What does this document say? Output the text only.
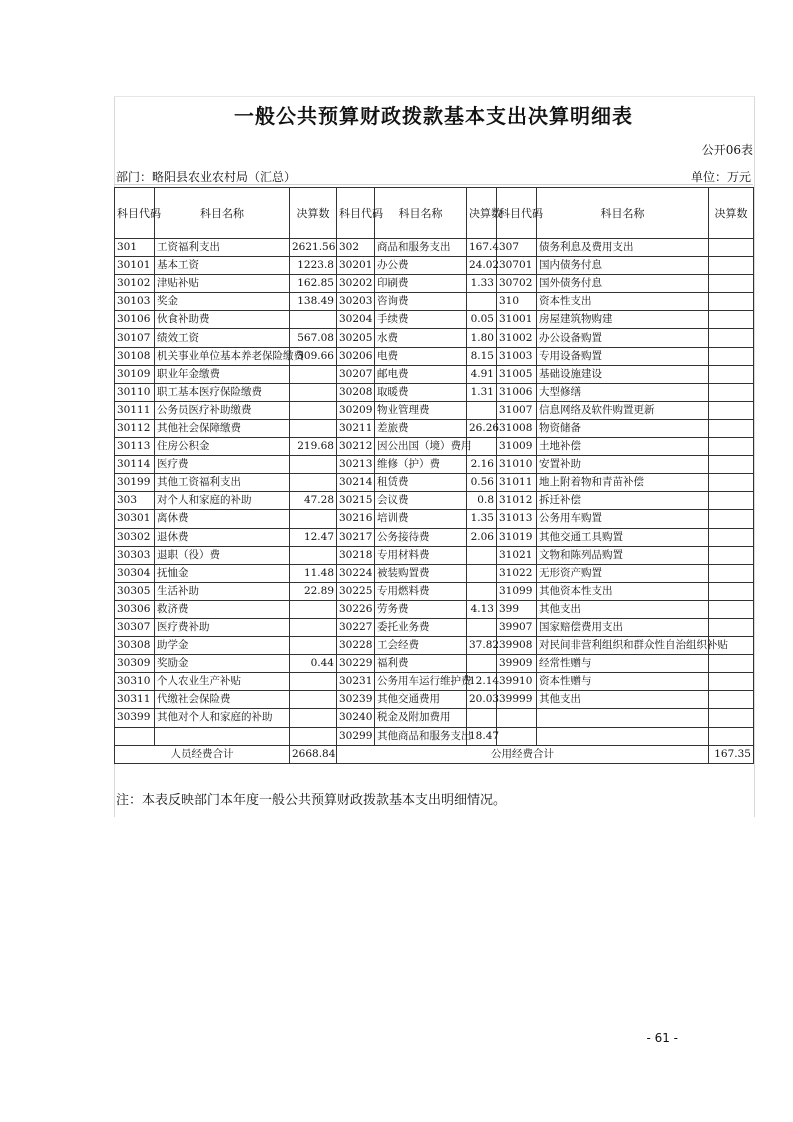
一般公共预算财政拨款基本支出决算明细表
公开06表
部门：略阳县农业农村局（汇总）	单位：万元
科目代码	科目名称	决算数	科目代码	科目名称	决算数	科目代码	科目名称	决算数
301	工资福利支出	2621.56	302	商品和服务支出	167.4	307	债务利息及费用支出	
30101	基本工资	1223.8	30201	办公费	24.02	30701	国内债务付息	
30102	津贴补贴	162.85	30202	印刷费	1.33	30702	国外债务付息	
30103	奖金	138.49	30203	咨询费		310	资本性支出	
30106	伙食补助费		30204	手续费	0.05	31001	房屋建筑物购建	
30107	绩效工资	567.08	30205	水费	1.80	31002	办公设备购置	
30108	机关事业单位基本养老保险缴费	309.66	30206	电费	8.15	31003	专用设备购置	
30109	职业年金缴费		30207	邮电费	4.91	31005	基础设施建设	
30110	职工基本医疗保险缴费		30208	取暖费	1.31	31006	大型修缮	
30111	公务员医疗补助缴费		30209	物业管理费		31007	信息网络及软件购置更新	
30112	其他社会保障缴费		30211	差旅费	26.26	31008	物资储备	
30113	住房公积金	219.68	30212	因公出国（境）费用		31009	土地补偿	
30114	医疗费		30213	维修（护）费	2.16	31010	安置补助	
30199	其他工资福利支出		30214	租赁费	0.56	31011	地上附着物和青苗补偿	
303	对个人和家庭的补助	47.28	30215	会议费	0.8	31012	拆迁补偿	
30301	离休费		30216	培训费	1.35	31013	公务用车购置	
30302	退休费	12.47	30217	公务接待费	2.06	31019	其他交通工具购置	
30303	退职（役）费		30218	专用材料费		31021	文物和陈列品购置	
30304	抚恤金	11.48	30224	被装购置费		31022	无形资产购置	
30305	生活补助	22.89	30225	专用燃料费		31099	其他资本性支出	
30306	救济费		30226	劳务费	4.13	399	其他支出	
30307	医疗费补助		30227	委托业务费		39907	国家赔偿费用支出	
30308	助学金		30228	工会经费	37.82	39908	对民间非营利组织和群众性自治组织补贴	
30309	奖励金	0.44	30229	福利费		39909	经常性赠与	
30310	个人农业生产补贴		30231	公务用车运行维护费	12.14	39910	资本性赠与	
30311	代缴社会保险费		30239	其他交通费用	20.03	39999	其他支出	
30399	其他对个人和家庭的补助		30240	税金及附加费用				
			30299	其他商品和服务支出	18.47			
人员经费合计		2668.84	公用经费合计					167.35
注：本表反映部门本年度一般公共预算财政拨款基本支出明细情况。
- 61 -
